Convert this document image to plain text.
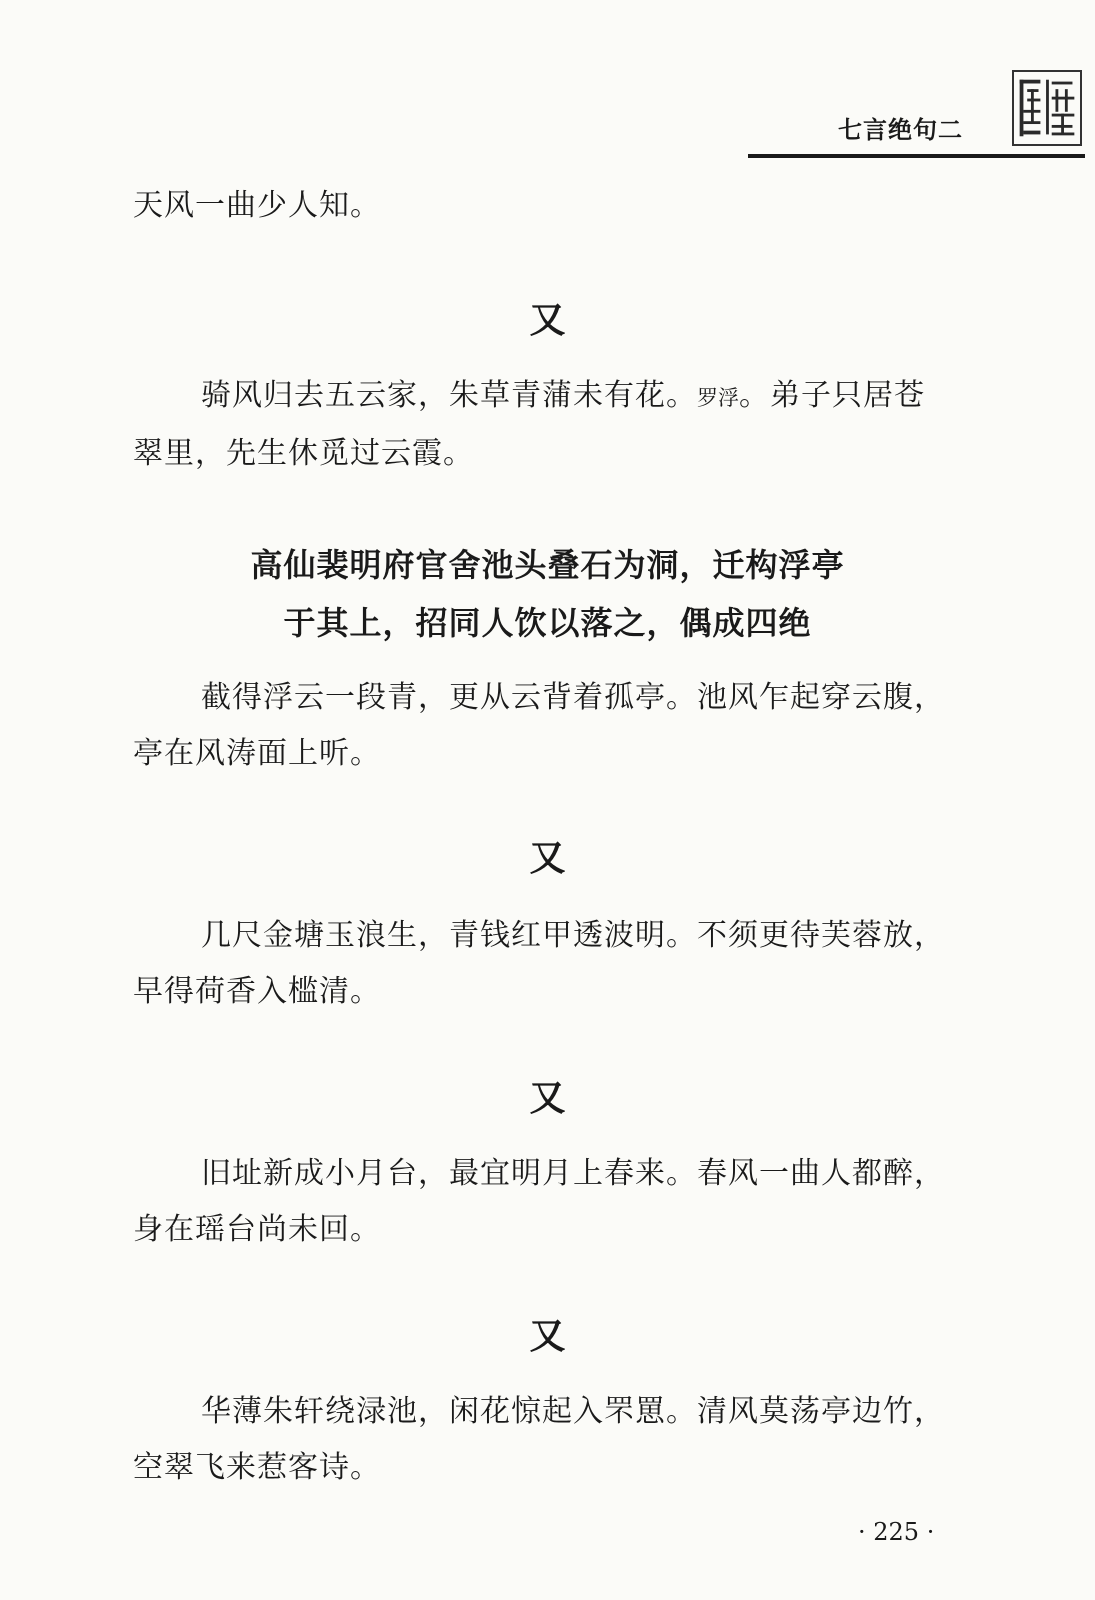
七言绝句二
天风一曲少人知。
又
骑风归去五云家，朱草青蒲未有花。罗浮。弟子只居苍
翠里，先生休觅过云霞。
高仙裴明府官舍池头叠石为洞，迁构浮亭
于其上，招同人饮以落之，偶成四绝
截得浮云一段青，更从云背着孤亭。池风乍起穿云腹，
亭在风涛面上听。
又
几尺金塘玉浪生，青钱红甲透波明。不须更待芙蓉放，
早得荷香入槛清。
又
旧址新成小月台，最宜明月上春来。春风一曲人都醉，
身在瑶台尚未回。
又
华薄朱轩绕渌池，闲花惊起入罘罳。清风莫荡亭边竹，
空翠飞来惹客诗。
· 225 ·
